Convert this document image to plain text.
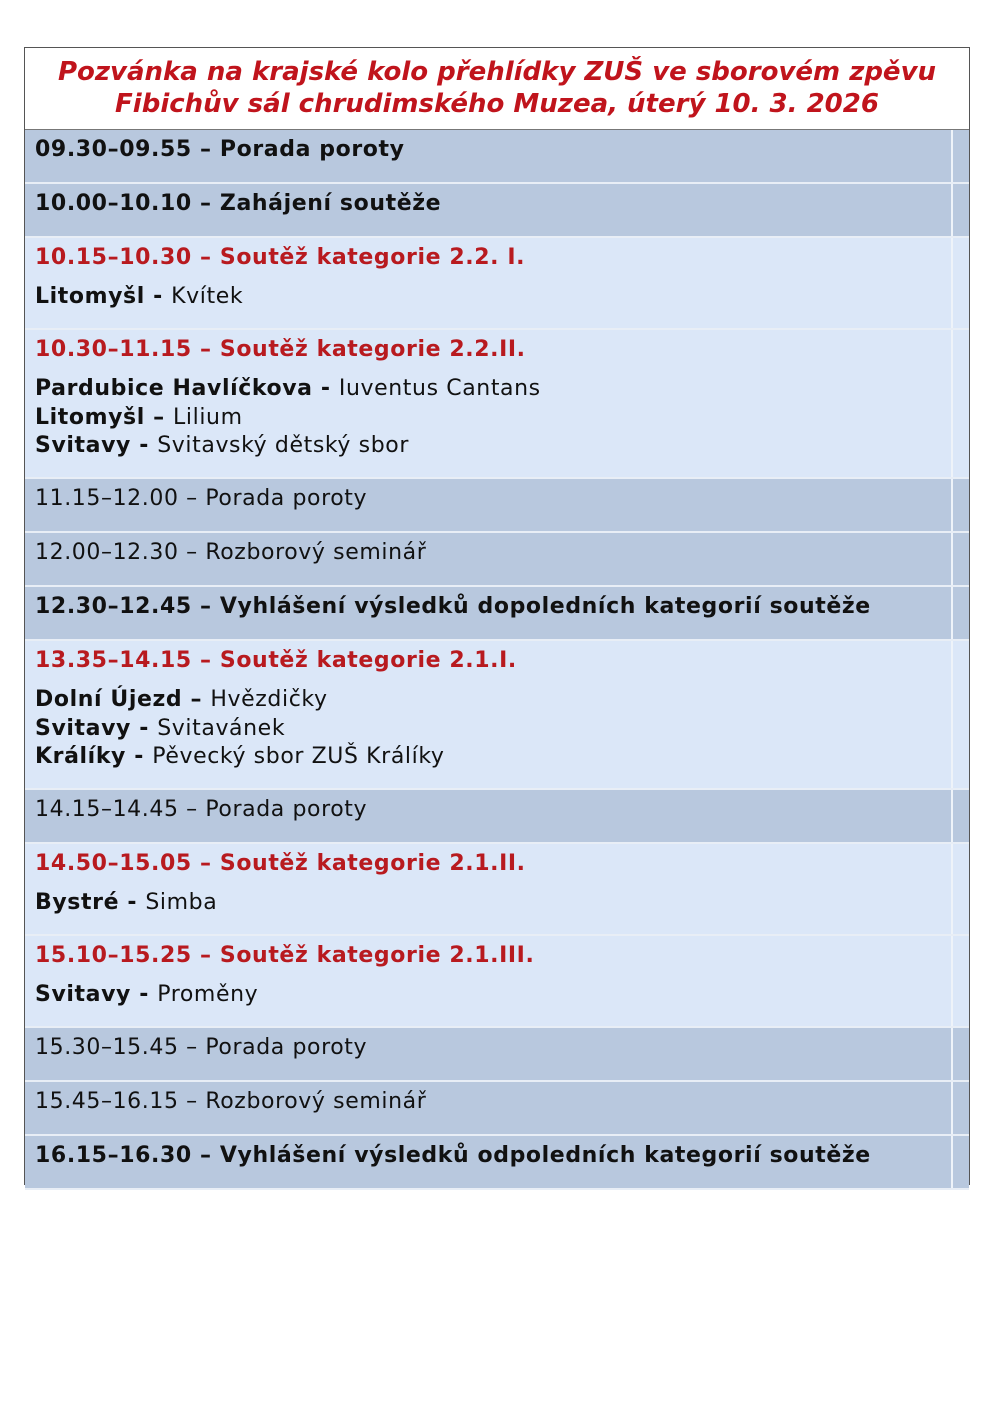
Pozvánka na krajské kolo přehlídky ZUŠ ve sborovém zpěvu
Fibichův sál chrudimského Muzea, úterý 10. 3. 2026
09.30–09.55 – Porada poroty
10.00–10.10 – Zahájení soutěže
10.15–10.30 – Soutěž kategorie 2.2. I.
Litomyšl - Kvítek
10.30–11.15 – Soutěž kategorie 2.2.II.
Pardubice Havlíčkova - Iuventus Cantans
Litomyšl – Lilium
Svitavy - Svitavský dětský sbor
11.15–12.00 – Porada poroty
12.00–12.30 – Rozborový seminář
12.30–12.45 – Vyhlášení výsledků dopoledních kategorií soutěže
13.35–14.15 – Soutěž kategorie 2.1.I.
Dolní Újezd – Hvězdičky
Svitavy - Svitavánek
Králíky - Pěvecký sbor ZUŠ Králíky
14.15–14.45 – Porada poroty
14.50–15.05 – Soutěž kategorie 2.1.II.
Bystré - Simba
15.10–15.25 – Soutěž kategorie 2.1.III.
Svitavy - Proměny
15.30–15.45 – Porada poroty
15.45–16.15 – Rozborový seminář
16.15–16.30 – Vyhlášení výsledků odpoledních kategorií soutěže
